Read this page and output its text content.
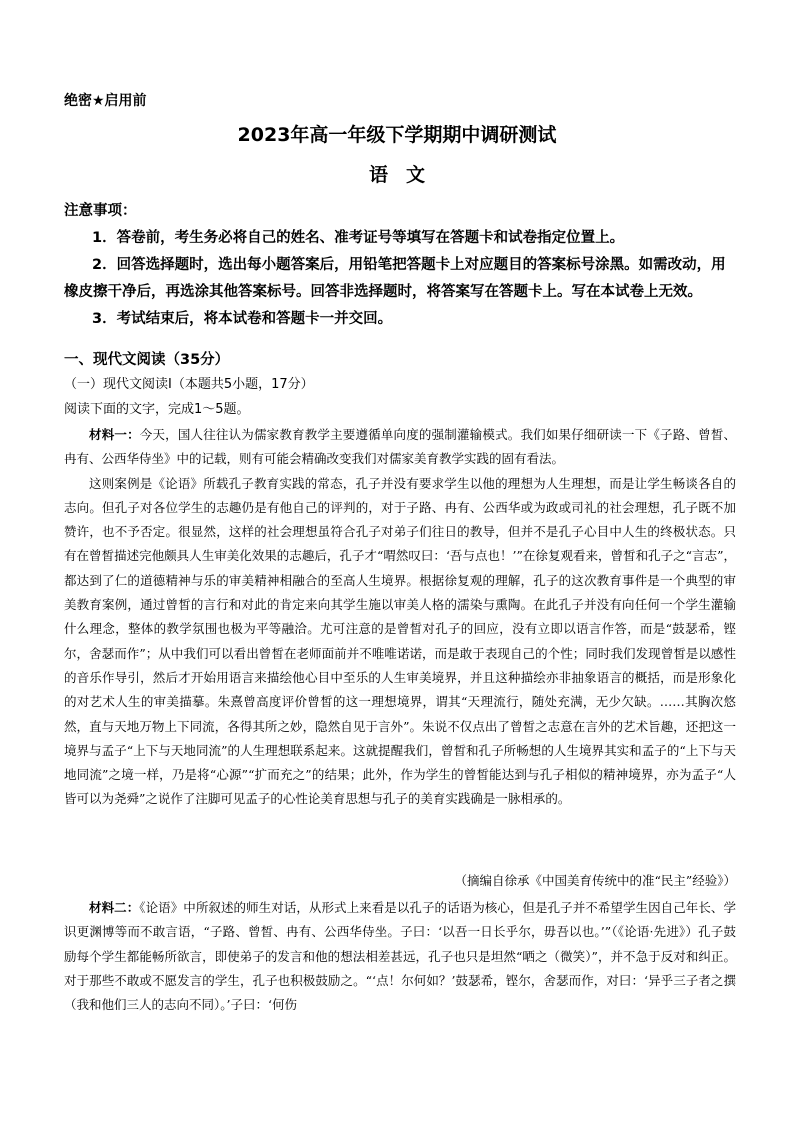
绝密★启用前
2023年高一年级下学期期中调研测试
语文

注意事项：

1．答卷前，考生务必将自己的姓名、准考证号等填写在答题卡和试卷指定位置上。

2．回答选择题时，选出每小题答案后，用铅笔把答题卡上对应题目的答案标号涂黑。如需改动，用橡皮擦干净后，再选涂其他答案标号。回答非选择题时，将答案写在答题卡上。写在本试卷上无效。

3．考试结束后，将本试卷和答题卡一并交回。

一、现代文阅读（35分）
（一）现代文阅读Ⅰ（本题共5小题，17分）
阅读下面的文字，完成1～5题。

材料一：今天，国人往往认为儒家教育教学主要遵循单向度的强制灌输模式。我们如果仔细研读一下《子路、曾皙、冉有、公西华侍坐》中的记载，则有可能会精确改变我们对儒家美育教学实践的固有看法。

这则案例是《论语》所载孔子教育实践的常态，孔子并没有要求学生以他的理想为人生理想，而是让学生畅谈各自的志向。但孔子对各位学生的志趣仍是有他自己的评判的，对于子路、冉有、公西华或为政或司礼的社会理想，孔子既不加赞许，也不予否定。很显然，这样的社会理想虽符合孔子对弟子们往日的教导，但并不是孔子心目中人生的终极状态。只有在曾皙描述完他颇具人生审美化效果的志趣后，孔子才“喟然叹曰：‘吾与点也！’”在徐复观看来，曾皙和孔子之“言志”，都达到了仁的道德精神与乐的审美精神相融合的至高人生境界。根据徐复观的理解，孔子的这次教育事件是一个典型的审美教育案例，通过曾皙的言行和对此的肯定来向其学生施以审美人格的濡染与熏陶。在此孔子并没有向任何一个学生灌输什么理念，整体的教学氛围也极为平等融洽。尤可注意的是曾皙对孔子的回应，没有立即以语言作答，而是“鼓瑟希，铿尔，舍瑟而作”；从中我们可以看出曾皙在老师面前并不唯唯诺诺，而是敢于表现自己的个性；同时我们发现曾皙是以感性的音乐作导引，然后才开始用语言来描绘他心目中至乐的人生审美境界，并且这种描绘亦非抽象语言的概括，而是形象化的对艺术人生的审美描摹。朱熹曾高度评价曾皙的这一理想境界，谓其“天理流行，随处充满，无少欠缺。……其胸次悠然，直与天地万物上下同流，各得其所之妙，隐然自见于言外”。朱说不仅点出了曾皙之志意在言外的艺术旨趣，还把这一境界与孟子“上下与天地同流”的人生理想联系起来。这就提醒我们，曾皙和孔子所畅想的人生境界其实和孟子的“上下与天地同流”之境一样，乃是将“心源”“扩而充之”的结果；此外，作为学生的曾皙能达到与孔子相似的精神境界，亦为孟子“人皆可以为尧舜”之说作了注脚可见孟子的心性论美育思想与孔子的美育实践确是一脉相承的。

（摘编自徐承《中国美育传统中的准“民主”经验》）

材料二：《论语》中所叙述的师生对话，从形式上来看是以孔子的话语为核心，但是孔子并不希望学生因自己年长、学识更渊博等而不敢言语，“子路、曾皙、冉有、公西华侍坐。子曰：‘以吾一日长乎尔，毋吾以也。’”（《论语·先进》）孔子鼓励每个学生都能畅所欲言，即使弟子的发言和他的想法相差甚远，孔子也只是坦然“哂之（微笑）”，并不急于反对和纠正。对于那些不敢或不愿发言的学生，孔子也积极鼓励之。“‘点！尔何如？’鼓瑟希，铿尔，舍瑟而作，对曰：‘异乎三子者之撰（我和他们三人的志向不同）。’子曰：‘何伤
